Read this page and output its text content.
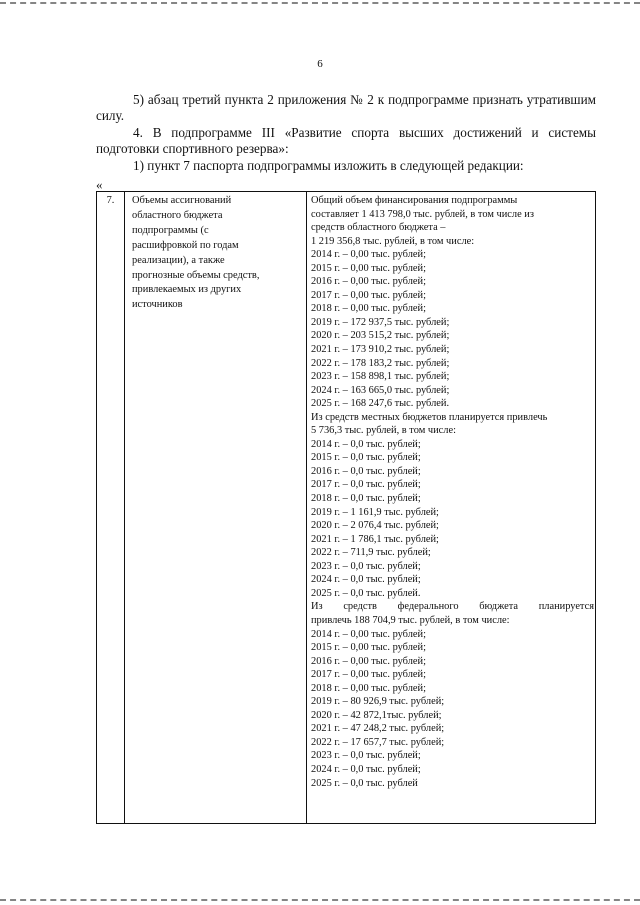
6
5) абзац третий пункта 2 приложения № 2 к подпрограмме признать утратившим силу.
4. В подпрограмме III «Развитие спорта высших достижений и системы подготовки спортивного резерва»:
1) пункт 7 паспорта подпрограммы изложить в следующей редакции:
«
7.	Объемы ассигнований
областного бюджета
подпрограммы (с
расшифровкой по годам
реализации), а также
прогнозные объемы средств,
привлекаемых из других
источников
Общий объем финансирования подпрограммы
составляет 1 413 798,0 тыс. рублей, в том числе из
средств областного бюджета –
1 219 356,8 тыс. рублей, в том числе:
2014 г. – 0,00 тыс. рублей;
2015 г. – 0,00 тыс. рублей;
2016 г. – 0,00 тыс. рублей;
2017 г. – 0,00 тыс. рублей;
2018 г. – 0,00 тыс. рублей;
2019 г. – 172 937,5 тыс. рублей;
2020 г. – 203 515,2 тыс. рублей;
2021 г. – 173 910,2 тыс. рублей;
2022 г. – 178 183,2 тыс. рублей;
2023 г. – 158 898,1 тыс. рублей;
2024 г. – 163 665,0 тыс. рублей;
2025 г. – 168 247,6 тыс. рублей.
Из средств местных бюджетов планируется привлечь
5 736,3 тыс. рублей, в том числе:
2014 г. – 0,0 тыс. рублей;
2015 г. – 0,0 тыс. рублей;
2016 г. – 0,0 тыс. рублей;
2017 г. – 0,0 тыс. рублей;
2018 г. – 0,0 тыс. рублей;
2019 г. – 1 161,9 тыс. рублей;
2020 г. – 2 076,4 тыс. рублей;
2021 г. – 1 786,1 тыс. рублей;
2022 г. – 711,9 тыс. рублей;
2023 г. – 0,0 тыс. рублей;
2024 г. – 0,0 тыс. рублей;
2025 г. – 0,0 тыс. рублей.
Из средств федерального бюджета планируется
привлечь 188 704,9 тыс. рублей, в том числе:
2014 г. – 0,00 тыс. рублей;
2015 г. – 0,00 тыс. рублей;
2016 г. – 0,00 тыс. рублей;
2017 г. – 0,00 тыс. рублей;
2018 г. – 0,00 тыс. рублей;
2019 г. – 80 926,9 тыс. рублей;
2020 г. – 42 872,1тыс. рублей;
2021 г. – 47 248,2 тыс. рублей;
2022 г. – 17 657,7 тыс. рублей;
2023 г. – 0,0 тыс. рублей;
2024 г. – 0,0 тыс. рублей;
2025 г. – 0,0 тыс. рублей
